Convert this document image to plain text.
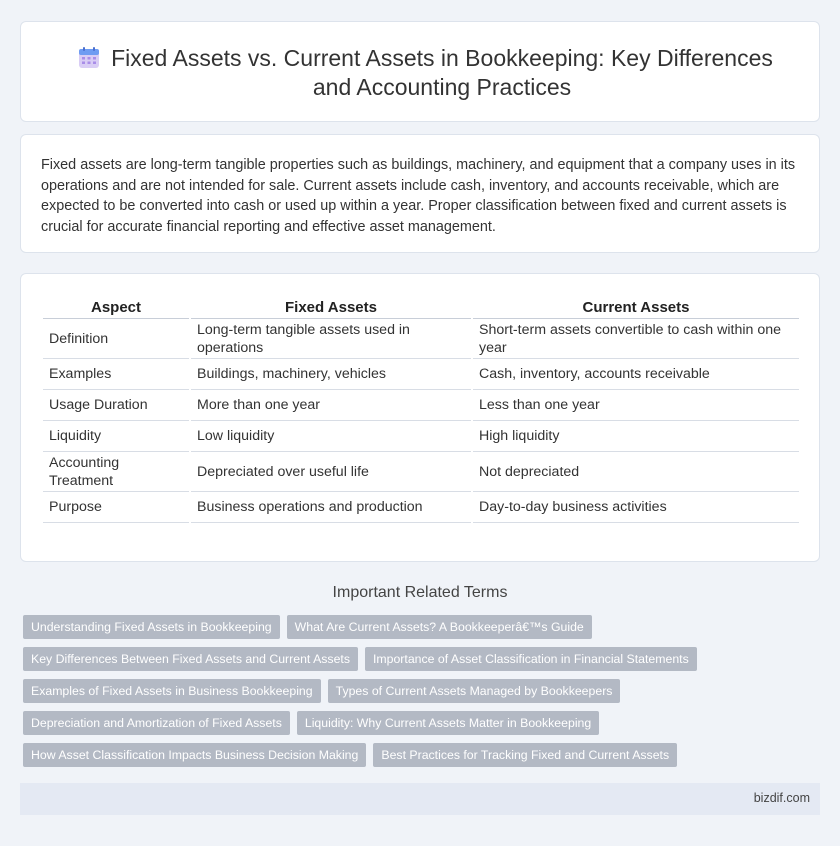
Fixed Assets vs. Current Assets in Bookkeeping: Key Differences and Accounting Practices

Fixed assets are long-term tangible properties such as buildings, machinery, and equipment that a company uses in its operations and are not intended for sale. Current assets include cash, inventory, and accounts receivable, which are expected to be converted into cash or used up within a year. Proper classification between fixed and current assets is crucial for accurate financial reporting and effective asset management.

Aspect	Fixed Assets	Current Assets
Definition	Long-term tangible assets used in operations	Short-term assets convertible to cash within one year
Examples	Buildings, machinery, vehicles	Cash, inventory, accounts receivable
Usage Duration	More than one year	Less than one year
Liquidity	Low liquidity	High liquidity
Accounting Treatment	Depreciated over useful life	Not depreciated
Purpose	Business operations and production	Day-to-day business activities
Important Related Terms
Understanding Fixed Assets in Bookkeeping	What Are Current Assets? A Bookkeeperâ€™s Guide
Key Differences Between Fixed Assets and Current Assets	Importance of Asset Classification in Financial Statements
Examples of Fixed Assets in Business Bookkeeping	Types of Current Assets Managed by Bookkeepers
Depreciation and Amortization of Fixed Assets	Liquidity: Why Current Assets Matter in Bookkeeping
How Asset Classification Impacts Business Decision Making	Best Practices for Tracking Fixed and Current Assets
bizdif.com
